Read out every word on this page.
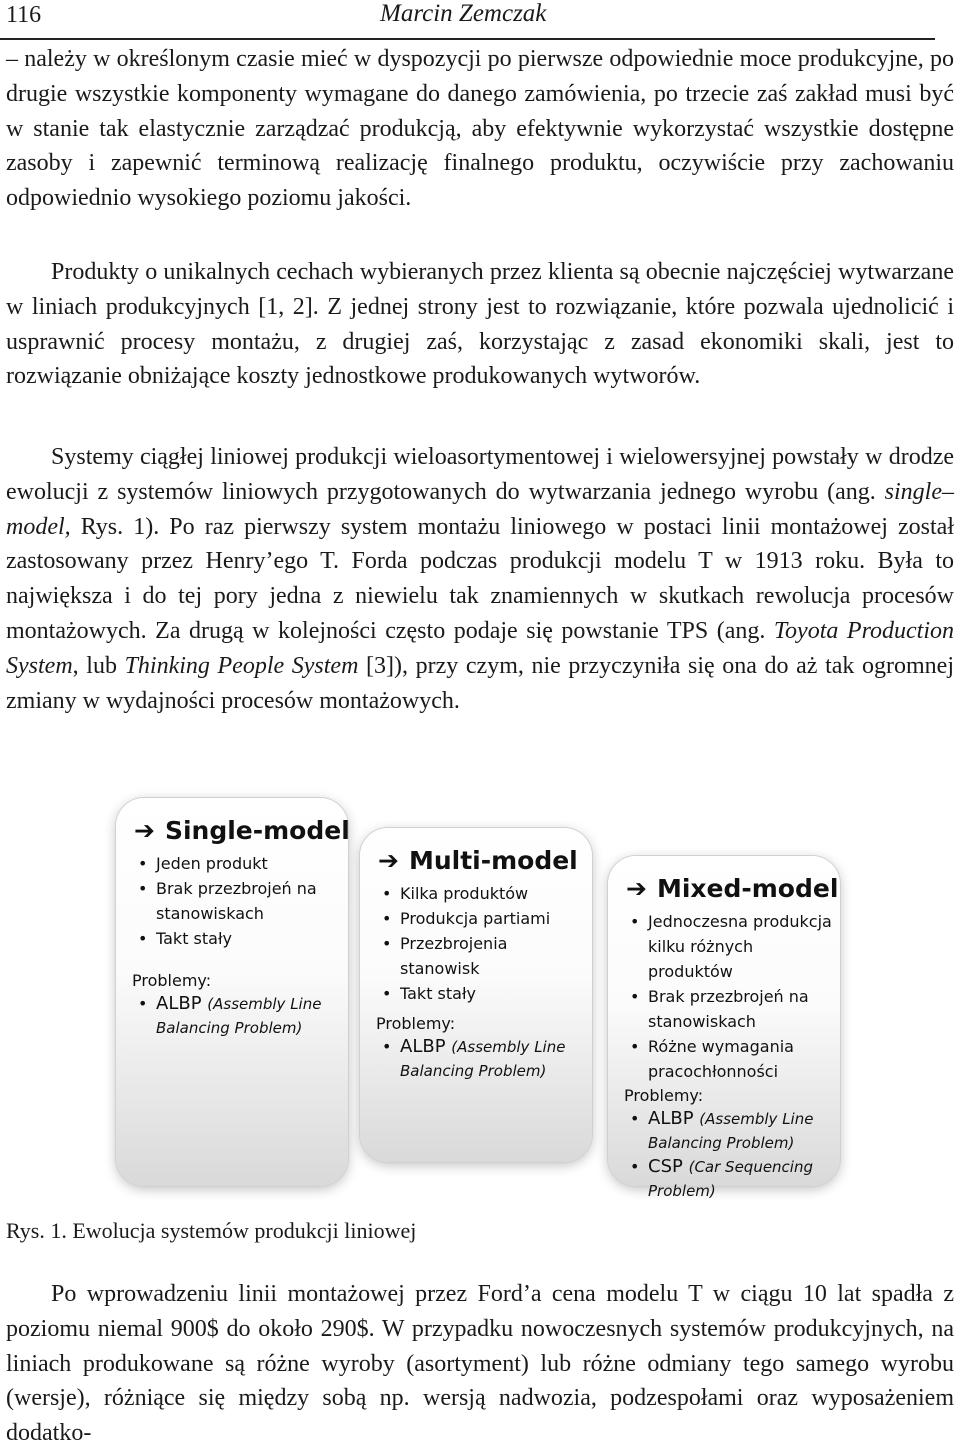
116	Marcin Zemczak

– należy w określonym czasie mieć w dyspozycji po pierwsze odpowiednie moce produkcyjne, po drugie wszystkie komponenty wymagane do danego zamówienia, po trzecie zaś zakład musi być w stanie tak elastycznie zarządzać produkcją, aby efektywnie wykorzystać wszystkie dostępne zasoby i zapewnić terminową realizację finalnego produktu, oczywiście przy zachowaniu odpowiednio wysokiego poziomu jakości.

Produkty o unikalnych cechach wybieranych przez klienta są obecnie najczęściej wytwarzane w liniach produkcyjnych [1, 2]. Z jednej strony jest to rozwiązanie, które pozwala ujednolicić i usprawnić procesy montażu, z drugiej zaś, korzystając z zasad ekonomiki skali, jest to rozwiązanie obniżające koszty jednostkowe produkowanych wytworów.

Systemy ciągłej liniowej produkcji wieloasortymentowej i wielowersyjnej powstały w drodze ewolucji z systemów liniowych przygotowanych do wytwarzania jednego wyrobu (ang. single–model, Rys. 1). Po raz pierwszy system montażu liniowego w postaci linii montażowej został zastosowany przez Henry’ego T. Forda podczas produkcji modelu T w 1913 roku. Była to największa i do tej pory jedna z niewielu tak znamiennych w skutkach rewolucja procesów montażowych. Za drugą w kolejności często podaje się powstanie TPS (ang. Toyota Production System, lub Thinking People System [3]), przy czym, nie przyczyniła się ona do aż tak ogromnej zmiany w wydajności procesów montażowych.

➔ Single-model
• Jeden produkt
• Brak przezbrojeń na stanowiskach
• Takt stały
Problemy:
• ALBP (Assembly Line Balancing Problem)
➔ Multi-model
• Kilka produktów
• Produkcja partiami
• Przezbrojenia stanowisk
• Takt stały
Problemy:
• ALBP (Assembly Line Balancing Problem)
➔ Mixed-model
• Jednoczesna produkcja kilku różnych produktów
• Brak przezbrojeń na stanowiskach
• Różne wymagania pracochłonności
Problemy:
• ALBP (Assembly Line Balancing Problem)
• CSP (Car Sequencing Problem)
Rys. 1. Ewolucja systemów produkcji liniowej

Po wprowadzeniu linii montażowej przez Ford’a cena modelu T w ciągu 10 lat spadła z poziomu niemal 900$ do około 290$. W przypadku nowoczesnych systemów produkcyjnych, na liniach produkowane są różne wyroby (asortyment) lub różne odmiany tego samego wyrobu (wersje), różniące się między sobą np. wersją nadwozia, podzespołami oraz wyposażeniem dodatko-
